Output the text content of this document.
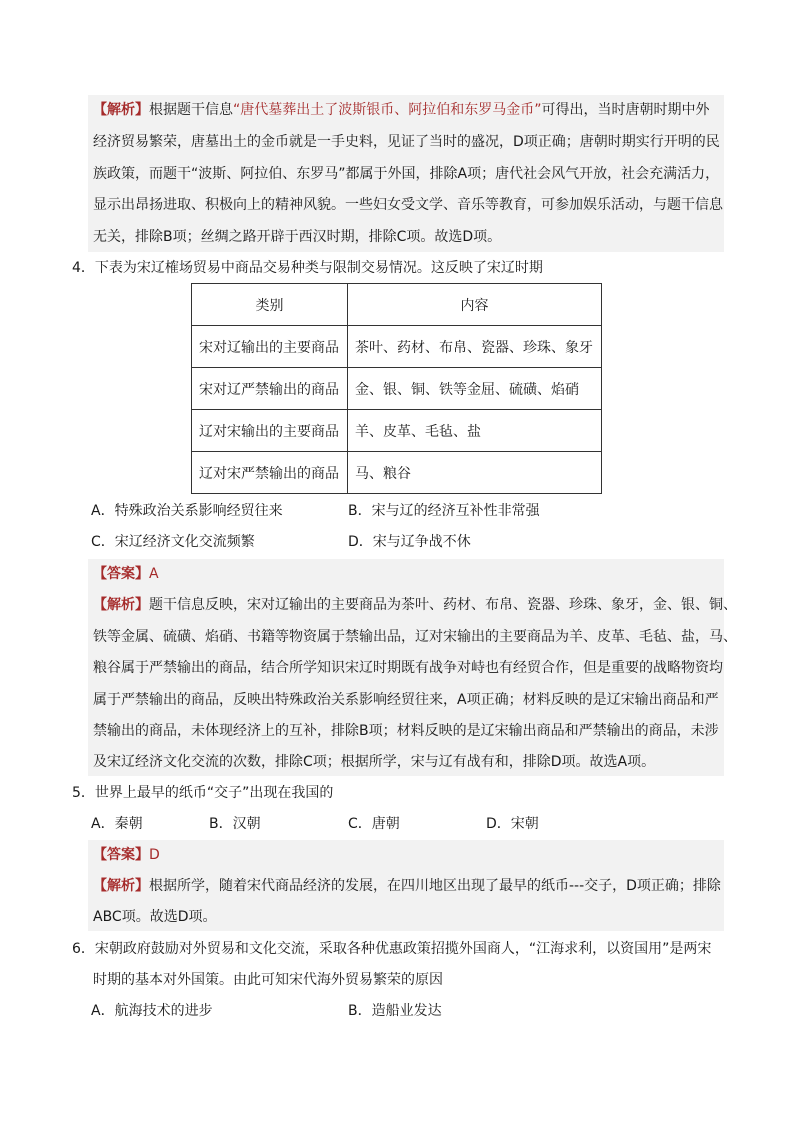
【解析】根据题干信息“唐代墓葬出土了波斯银币、阿拉伯和东罗马金币”可得出，当时唐朝时期中外
经济贸易繁荣，唐墓出土的金币就是一手史料，见证了当时的盛况，D项正确；唐朝时期实行开明的民
族政策，而题干“波斯、阿拉伯、东罗马”都属于外国，排除A项；唐代社会风气开放，社会充满活力，
显示出昂扬进取、积极向上的精神风貌。一些妇女受文学、音乐等教育，可参加娱乐活动，与题干信息
无关，排除B项；丝绸之路开辟于西汉时期，排除C项。故选D项。
4．下表为宋辽榷场贸易中商品交易种类与限制交易情况。这反映了宋辽时期
类别	内容
宋对辽输出的主要商品	茶叶、药材、布帛、瓷器、珍珠、象牙
宋对辽严禁输出的商品	金、银、铜、铁等金屈、硫磺、焰硝
辽对宋输出的主要商品	羊、皮革、毛毡、盐
辽对宋严禁输出的商品	马、粮谷
A．特殊政治关系影响经贸往来	B．宋与辽的经济互补性非常强
C．宋辽经济文化交流频繁	D．宋与辽争战不休
【答案】A
【解析】题干信息反映，宋对辽输出的主要商品为茶叶、药材、布帛、瓷器、珍珠、象牙，金、银、铜、
铁等金属、硫磺、焰硝、书籍等物资属于禁输出品，辽对宋输出的主要商品为羊、皮革、毛毡、盐，马、
粮谷属于严禁输出的商品，结合所学知识宋辽时期既有战争对峙也有经贸合作，但是重要的战略物资均
属于严禁输出的商品，反映出特殊政治关系影响经贸往来，A项正确；材料反映的是辽宋输出商品和严
禁输出的商品，未体现经济上的互补，排除B项；材料反映的是辽宋输出商品和严禁输出的商品，未涉
及宋辽经济文化交流的次数，排除C项；根据所学，宋与辽有战有和，排除D项。故选A项。
5．世界上最早的纸币“交子”出现在我国的
A．秦朝	B．汉朝	C．唐朝	D．宋朝
【答案】D
【解析】根据所学，随着宋代商品经济的发展，在四川地区出现了最早的纸币---交子，D项正确；排除
ABC项。故选D项。
6．宋朝政府鼓励对外贸易和文化交流，采取各种优惠政策招揽外国商人，“江海求利，以资国用”是两宋
时期的基本对外国策。由此可知宋代海外贸易繁荣的原因
A．航海技术的进步	B．造船业发达
